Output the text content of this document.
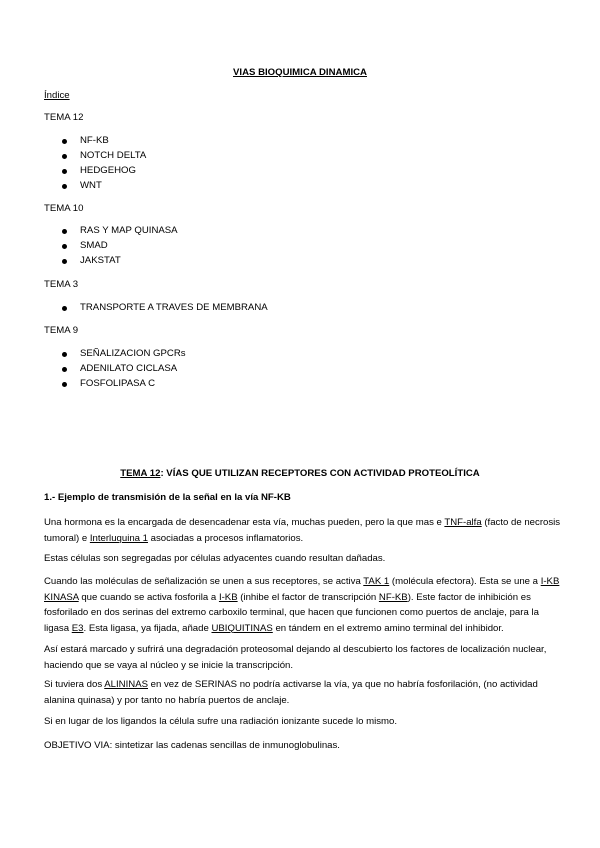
VIAS BIOQUIMICA DINAMICA
Índice
TEMA 12
NF-KB
NOTCH DELTA
HEDGEHOG
WNT
TEMA 10
RAS Y MAP QUINASA
SMAD
JAKSTAT
TEMA 3
TRANSPORTE A TRAVES DE MEMBRANA
TEMA 9
SEÑALIZACION GPCRs
ADENILATO CICLASA
FOSFOLIPASA C
TEMA 12: VÍAS QUE UTILIZAN RECEPTORES CON ACTIVIDAD PROTEOLÍTICA
1.- Ejemplo de transmisión de la señal en la vía NF-KB
Una hormona es la encargada de desencadenar esta vía, muchas pueden, pero la que mas e TNF-alfa (facto de necrosis tumoral) e Interluquina 1 asociadas a procesos inflamatorios.
Estas células son segregadas por células adyacentes cuando resultan dañadas.
Cuando las moléculas de señalización se unen a sus receptores, se activa TAK 1 (molécula efectora). Esta se une a I-KB KINASA que cuando se activa fosforila a I-KB (inhibe el factor de transcripción NF-KB). Este factor de inhibición es fosforilado en dos serinas del extremo carboxilo terminal, que hacen que funcionen como puertos de anclaje, para la ligasa E3. Esta ligasa, ya fijada, añade UBIQUITINAS en tándem en el extremo amino terminal del inhibidor.
Así estará marcado y sufrirá una degradación proteosomal dejando al descubierto los factores de localización nuclear, haciendo que se vaya al núcleo y se inicie la transcripción.
Si tuviera dos ALININAS en vez de SERINAS no podría activarse la vía, ya que no habría fosforilación, (no actividad alanina quinasa) y por tanto no habría puertos de anclaje.
Si en lugar de los ligandos la célula sufre una radiación ionizante sucede lo mismo.
OBJETIVO VIA: sintetizar las cadenas sencillas de inmunoglobulinas.
